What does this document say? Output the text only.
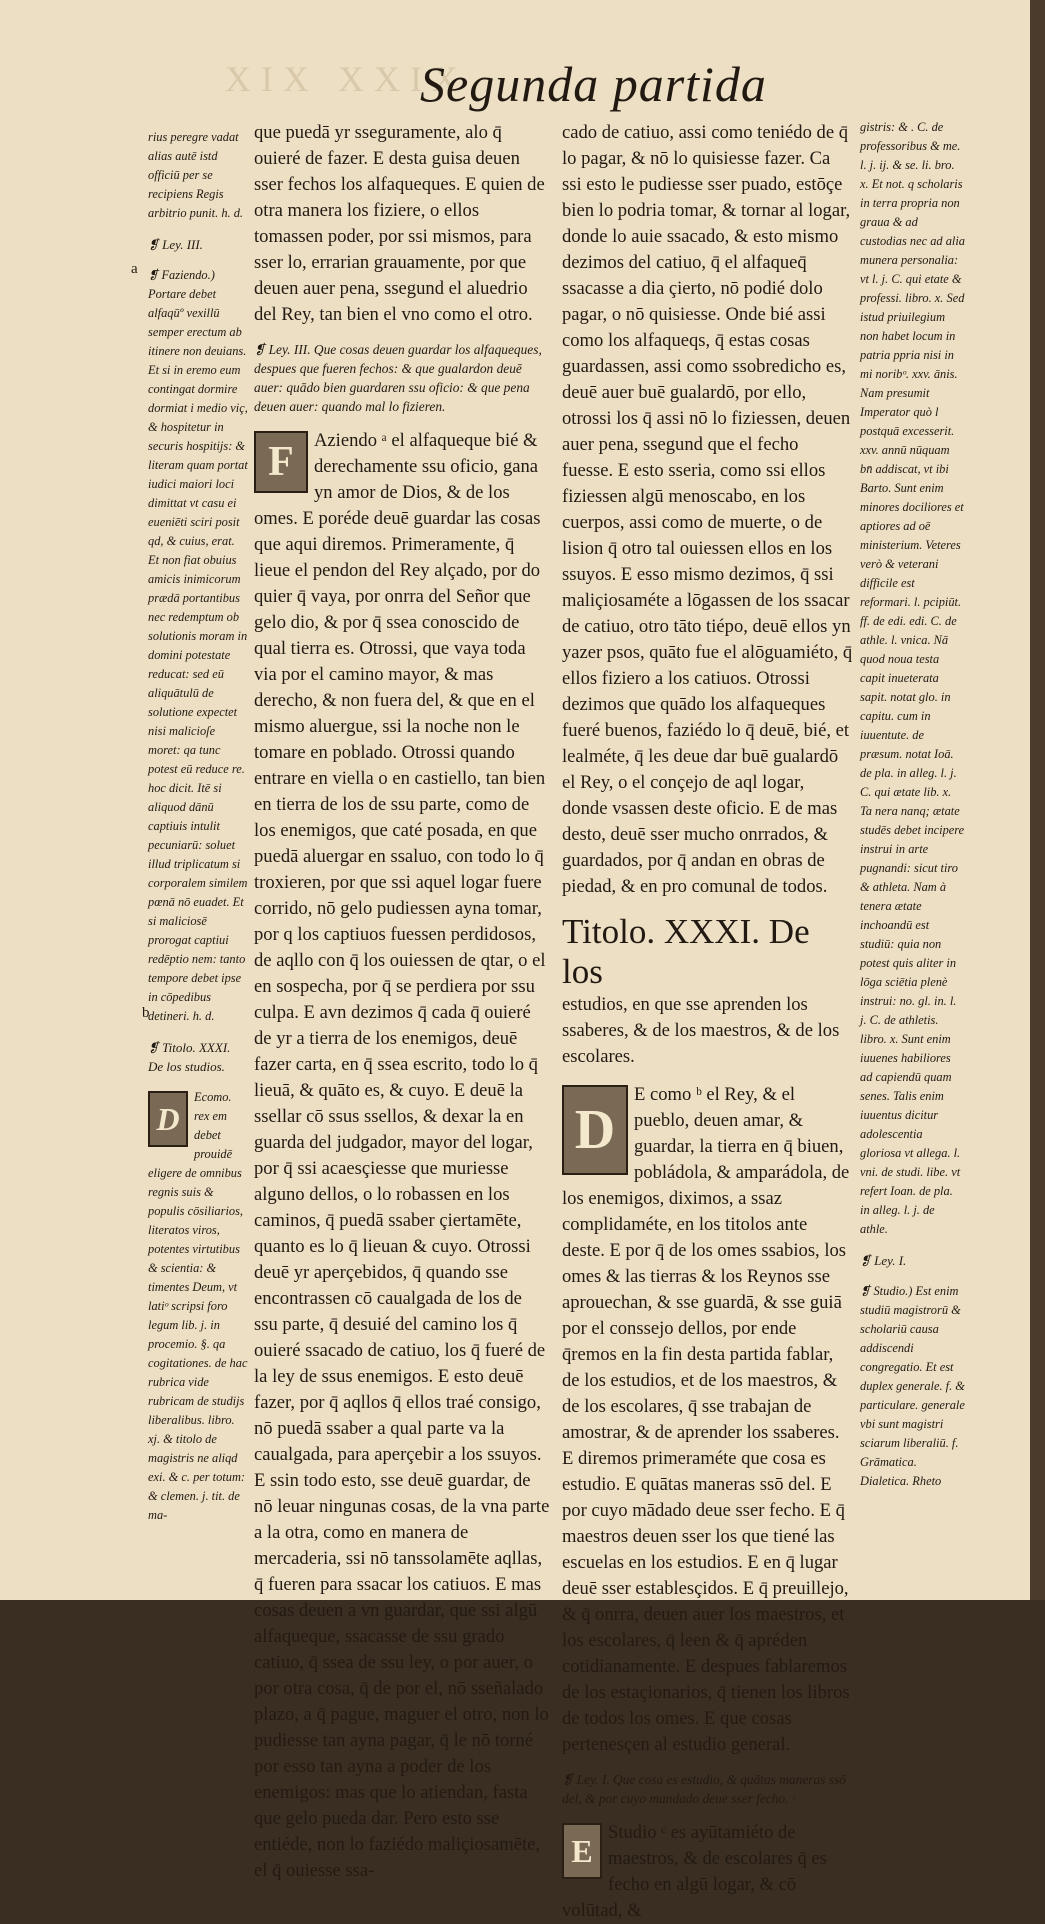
XIX XXIX
Segunda partida
a
b

rius peregre vadat alias autē istd officiū per se recipiens Regis arbitrio punit. h. d.

❡ Ley. III.

❡ Faziendo.) Portare debet alfaqūº vexillū semper erectum ab itinere non deuians. Et si in eremo eum contingat dormire dormiat i medio viç, & hospitetur in securis hospitijs: & literam quam portat iudici maiori loci dimittat vt casu ei eueniēti sciri posit qd, & cuius, erat. Et non fiat obuius amicis inimicorum prædā portantibus nec redemptum ob solutionis moram in domini potestate reducat: sed eū aliquātulū de solutione expectet nisi malicioſe moret: qa tunc potest eū reduce re. hoc dicit. Itē si aliquod dānū captiuis intulit pecuniarū: soluet illud triplicatum si corporalem similem pœnā nō euadet. Et si maliciosē prorogat captiui redēptio nem: tanto tempore debet ipse in cōpedibus detineri. h. d.

❡ Titolo. XXXI. De los studios.

D

Ecomo. rex em debet prouidē eligere de omnibus regnis suis & populis cōsiliarios, literatos viros, potentes virtutibus & scientia: & timentes Deum, vt latiᵒ scripsi foro legum lib. j. in procemio. §. qa cogitationes. de hac rubrica vide rubricam de studijs liberalibus. libro. xj. & titolo de magistris ne aliqd exi. & c. per totum: & clemen. j. tit. de ma-

que puedā yr sseguramente, alo q̄ ouieré de fazer. E desta guisa deuen sser fechos los alfaqueques. E quien de otra manera los fiziere, o ellos tomassen poder, por ssi mismos, para sser lo, errarian grauamente, por que deuen auer pena, ssegund el aluedrio del Rey, tan bien el vno como el otro.

❡ Ley. III. Que cosas deuen guardar los alfaqueques, despues que fueren fechos: & que gualardon deuē auer: quādo bien guardaren ssu oficio: & que pena deuen auer: quando mal lo fizieren.

F	Aziendo ᵃ el alfaqueque bié & derechamente ssu oficio, gana yn amor de Dios, & de los omes. E poréde deuē guardar las cosas que aqui diremos. Primeramente, q̄ lieue el pendon del Rey alçado, por do quier q̄ vaya, por onrra del Señor que gelo dio, & por q̄ ssea conoscido de qual tierra es. Otrossi, que vaya toda via por el camino mayor, & mas derecho, & non fuera del, & que en el mismo aluergue, ssi la noche non le tomare en poblado. Otrossi quando entrare en viella o en castiello, tan bien en tierra de los de ssu parte, como de los enemigos, que caté posada, en que puedā aluergar en ssaluo, con todo lo q̄ troxieren, por que ssi aquel logar fuere corrido, nō gelo pudiessen ayna tomar, por q los captiuos fuessen perdidosos, de aqllo con q̄ los ouiessen de qtar, o el en sospecha, por q̄ se perdiera por ssu culpa. E avn dezimos q̄ cada q̄ ouieré de yr a tierra de los enemigos, deuē fazer carta, en q̄ ssea escrito, todo lo q̄ lieuā, & quāto es, & cuyo. E deuē la ssellar cō ssus ssellos, & dexar la en guarda del judgador, mayor del logar, por q̄ ssi acaesçiesse que muriesse alguno dellos, o lo robassen en los caminos, q̄ puedā ssaber çiertamēte, quanto es lo q̄ lieuan & cuyo. Otrossi deuē yr aperçebidos, q̄ quando sse encontrassen cō caualgada de los de ssu parte, q̄ desuié del camino los q̄ ouieré ssacado de catiuo, los q̄ fueré de la ley de ssus enemigos. E esto deuē fazer, por q̄ aqllos q̄ ellos traé consigo, nō puedā ssaber a qual parte va la caualgada, para aperçebir a los ssuyos. E ssin todo esto, sse deuē guardar, de nō leuar ningunas cosas, de la vna parte a la otra, como en manera de mercaderia, ssi nō tanssolamēte aqllas, q̄ fueren para ssacar los catiuos. E mas cosas deuen a vn guardar, que ssi algū alfaqueque, ssacasse de ssu grado catiuo, q̄ ssea de ssu ley, o por auer, o por otra cosa, q̄ de por el, nō sseñalado plazo, a q̄ pague, maguer el otro, non lo pudiesse tan ayna pagar, q̄ le nō torné por esso tan ayna a poder de los enemigos: mas que lo atiendan, fasta que gelo pueda dar. Pero esto sse entiéde, non lo faziédo maliçiosamēte, el q̄ ouiesse ssa-

cado de catiuo, assi como teniédo de q̄ lo pagar, & nō lo quisiesse fazer. Ca ssi esto le pudiesse sser puado, estōçe bien lo podria tomar, & tornar al logar, donde lo auie ssacado, & esto mismo dezimos del catiuo, q̄ el alfaqueq̄ ssacasse a dia çierto, nō podié dolo pagar, o nō quisiesse. Onde bié assi como los alfaqueqs, q̄ estas cosas guardassen, assi como ssobredicho es, deuē auer buē gualardō, por ello, otrossi los q̄ assi nō lo fiziessen, deuen auer pena, ssegund que el fecho fuesse. E esto sseria, como ssi ellos fiziessen algū menoscabo, en los cuerpos, assi como de muerte, o de lision q̄ otro tal ouiessen ellos en los ssuyos. E esso mismo dezimos, q̄ ssi maliçiosaméte a lōgassen de los ssacar de catiuo, otro tāto tiépo, deuē ellos yn yazer psos, quāto fue el alōguamiéto, q̄ ellos fiziero a los catiuos. Otrossi dezimos que quādo los alfaqueques fueré buenos, faziédo lo q̄ deuē, bié, et lealméte, q̄ les deue dar buē gualardō el Rey, o el conçejo de aql logar, donde vsassen deste oficio. E de mas desto, deuē sser mucho onrrados, & guardados, por q̄ andan en obras de piedad, & en pro comunal de todos.

Titolo. XXXI. De los

estudios, en que sse aprenden los ssaberes, & de los maestros, & de los escolares.

D

E como ᵇ el Rey, & el pueblo, deuen amar, & guardar, la tierra en q̄ biuen, pobládola, & amparádola, de los enemigos, diximos, a ssaz complidaméte, en los titolos ante deste. E por q̄ de los omes ssabios, los omes & las tierras & los Reynos sse aprouechan, & sse guardā, & sse guiā por el conssejo dellos, por ende q̄remos en la fin desta partida fablar, de los estudios, et de los maestros, & de los escolares, q̄ sse trabajan de amostrar, & de aprender los ssaberes. E diremos primeraméte que cosa es estudio. E quātas maneras ssō del. E por cuyo mādado deue sser fecho. E q̄ maestros deuen sser los que tiené las escuelas en los estudios. E en q̄ lugar deuē sser establesçidos. E q̄ preuillejo, & q̄ onrra, deuen auer los maestros, et los escolares, q̄ leen & q̄ apréden cotidianamente. E despues fablaremos de los estaçionarios, q̄ tienen los libros de todos los omes. E que cosas pertenesçen al estudio general.

❡ Ley. I. Que cosa es estudio, & quātas maneras ssō del, & por cuyo mandado deue sser fecho. ᶜ

E

Studio ᶜ es ayūtamiéto de maestros, & de escolares q̄ es fecho en algū logar, & cō volūtad, &

gistris: & . C. de professoribus & me. l. j. ij. & se. li. bro. x. Et not. q scholaris in terra propria non graua & ad custodias nec ad alia munera personalia: vt l. j. C. qui etate & professi. libro. x. Sed istud priuilegium non habet locum in patria ppria nisi in mi noribᵒ. xxv. ānis. Nam presumit Imperator quò l postquā excesserit. xxv. annū nūquam bn̄ addiscat, vt ibi Barto. Sunt enim minores dociliores et aptiores ad oē ministerium. Veteres verò & veterani difficile est reformari. l. pcipiūt. ff. de edi. edi. C. de athle. l. vnica. Nā quod noua testa capit inueterata sapit. notat glo. in capitu. cum in iuuentute. de præsum. notat Ioā. de pla. in alleg. l. j. C. qui ætate lib. x. Ta nera nanq; ætate studēs debet incipere instrui in arte pugnandi: sicut tiro & athleta. Nam à tenera ætate inchoandū est studiū: quia non potest quis aliter in lōga sciētia plenè instrui: no. gl. in. l. j. C. de athletis. libro. x. Sunt enim iuuenes habiliores ad capiendū quam senes. Talis enim iuuentus dicitur adolescentia gloriosa vt allega. l. vni. de studi. libe. vt refert Ioan. de pla. in alleg. l. j. de athle.

❡ Ley. I.

❡ Studio.) Est enim studiū magistrorū & scholariū causa addiscendi congregatio. Et est duplex generale. f. & particulare. generale vbi sunt magistri sciarum liberaliū. f. Grāmatica. Dialetica. Rheto
